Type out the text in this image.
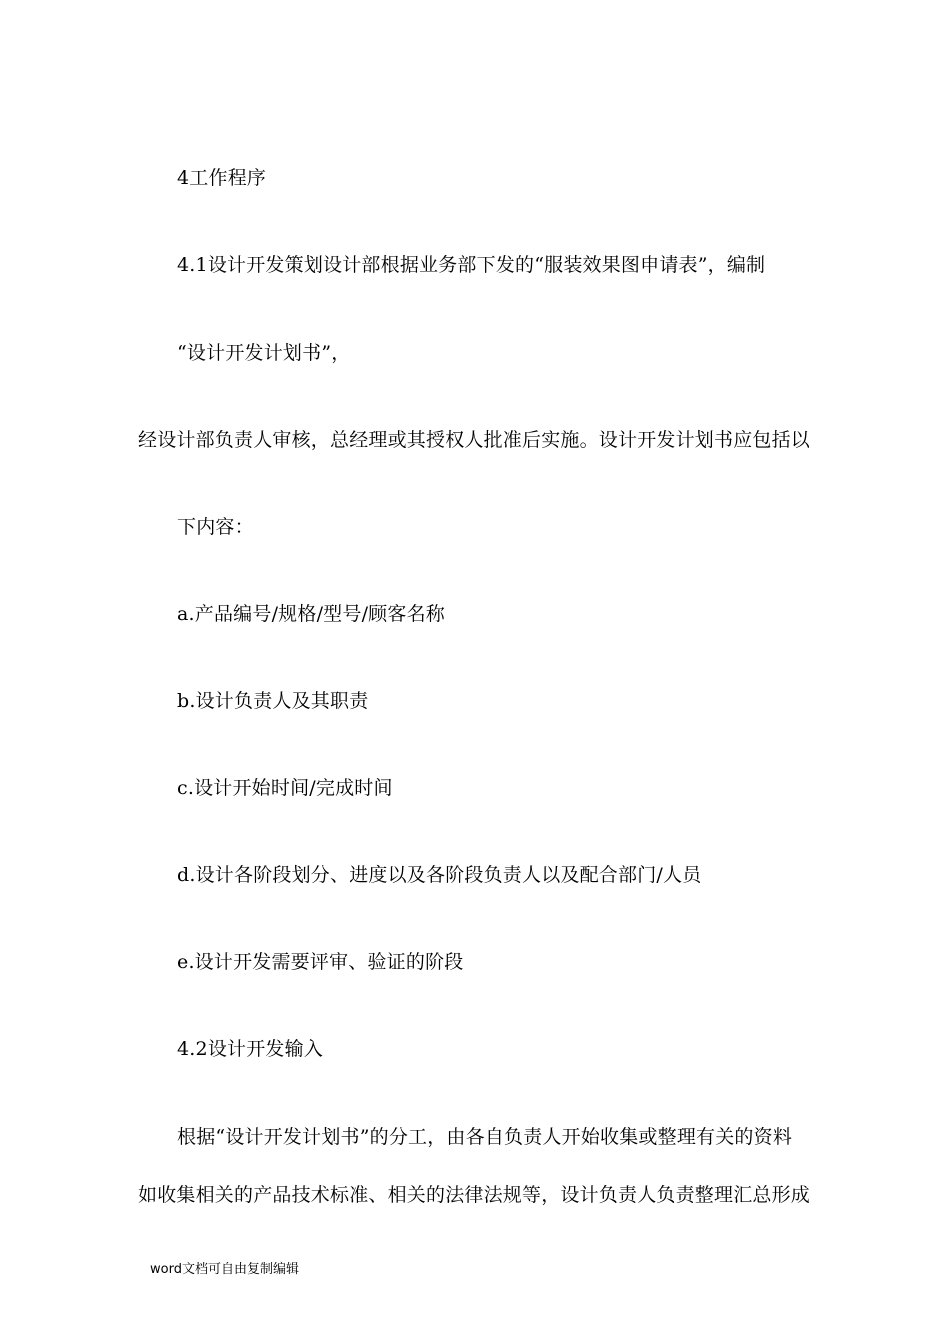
4工作程序
4.1设计开发策划设计部根据业务部下发的“服装效果图申请表”，编制
“设计开发计划书”，
经设计部负责人审核，总经理或其授权人批准后实施。设计开发计划书应包括以
下内容：
a.产品编号/规格/型号/顾客名称
b.设计负责人及其职责
c.设计开始时间/完成时间
d.设计各阶段划分、进度以及各阶段负责人以及配合部门/人员
e.设计开发需要评审、验证的阶段
4.2设计开发输入
根据“设计开发计划书”的分工，由各自负责人开始收集或整理有关的资料
如收集相关的产品技术标准、相关的法律法规等，设计负责人负责整理汇总形成
word文档可自由复制编辑
